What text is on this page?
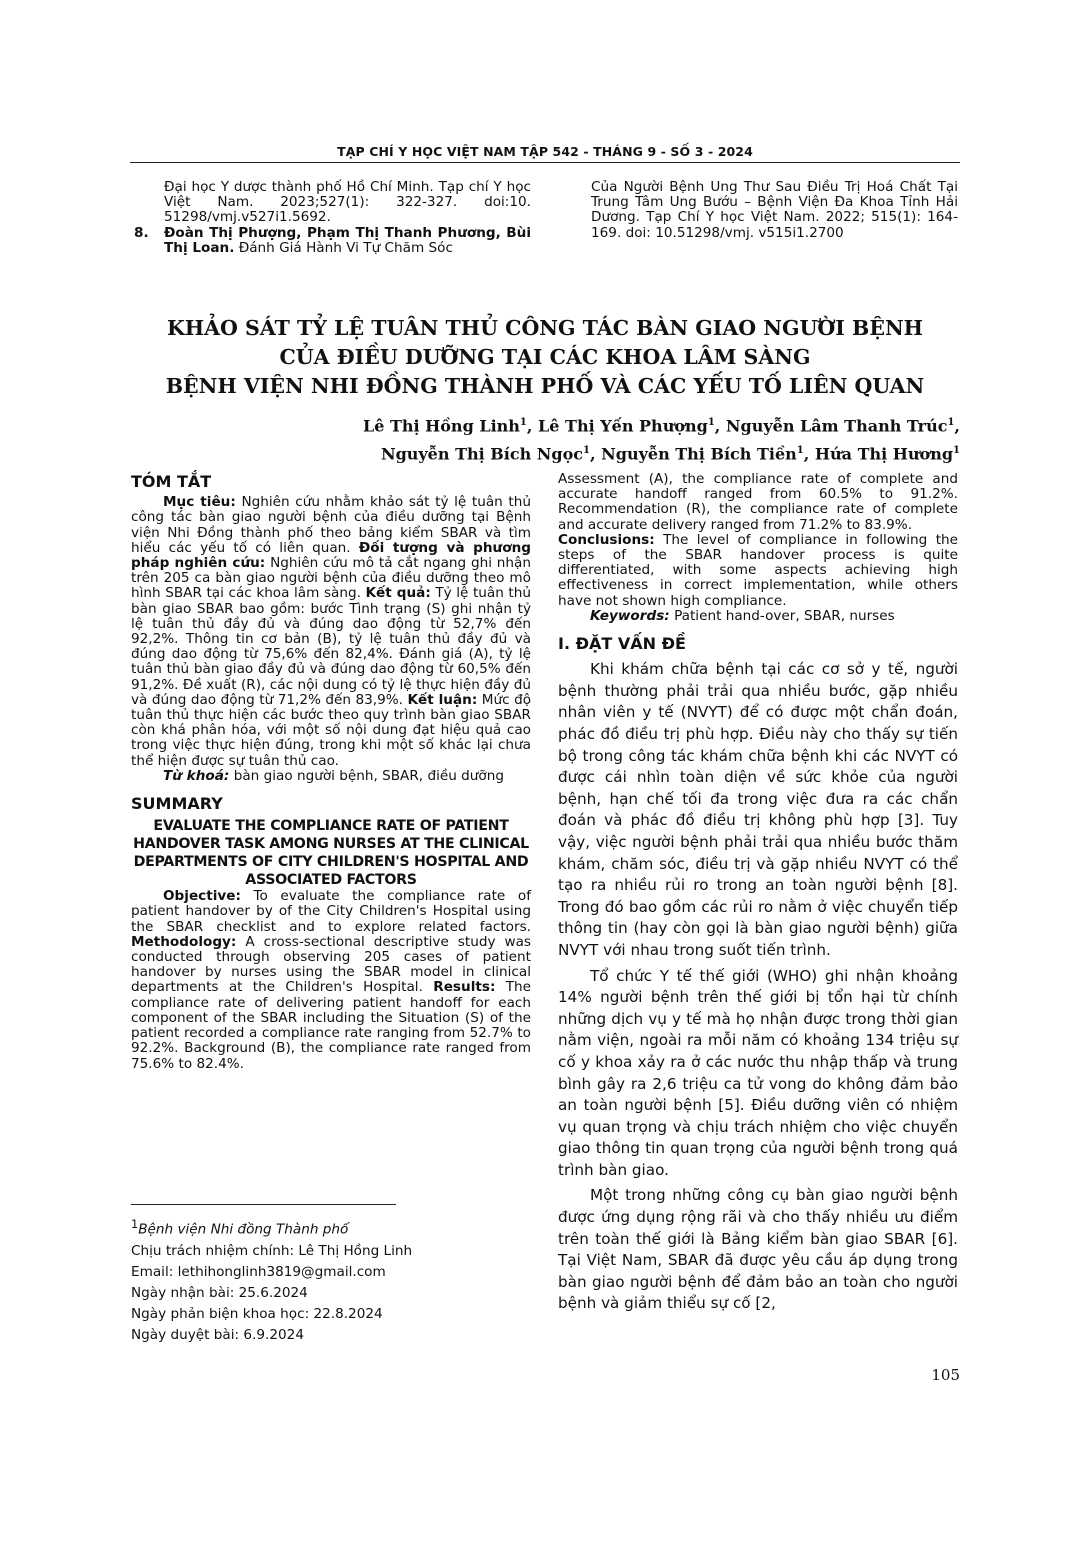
TẠP CHÍ Y HỌC VIỆT NAM TẬP 542 - THÁNG 9 - SỐ 3 - 2024
Đại học Y dược thành phố Hồ Chí Minh. Tạp chí Y học Việt Nam. 2023;527(1): 322-327. doi:10. 51298/vmj.v527i1.5692.
8. Đoàn Thị Phượng, Phạm Thị Thanh Phương, Bùi Thị Loan. Đánh Giá Hành Vi Tự Chăm Sóc
Của Người Bệnh Ung Thư Sau Điều Trị Hoá Chất Tại Trung Tâm Ung Bướu – Bệnh Viện Đa Khoa Tỉnh Hải Dương. Tạp Chí Y học Việt Nam. 2022; 515(1): 164-169. doi: 10.51298/vmj. v515i1.2700
KHẢO SÁT TỶ LỆ TUÂN THỦ CÔNG TÁC BÀN GIAO NGƯỜI BỆNH
CỦA ĐIỀU DƯỠNG TẠI CÁC KHOA LÂM SÀNG
BỆNH VIỆN NHI ĐỒNG THÀNH PHỐ VÀ CÁC YẾU TỐ LIÊN QUAN
Lê Thị Hồng Linh$^1$, Lê Thị Yến Phượng$^1$, Nguyễn Lâm Thanh Trúc$^1$,
Nguyễn Thị Bích Ngọc$^1$, Nguyễn Thị Bích Tiền$^1$, Hứa Thị Hương$^1$
TÓM TẮT

Mục tiêu: Nghiên cứu nhằm khảo sát tỷ lệ tuân thủ công tác bàn giao người bệnh của điều dưỡng tại Bệnh viện Nhi Đồng thành phố theo bảng kiểm SBAR và tìm hiểu các yếu tố có liên quan. Đối tượng và phương pháp nghiên cứu: Nghiên cứu mô tả cắt ngang ghi nhận trên 205 ca bàn giao người bệnh của điều dưỡng theo mô hình SBAR tại các khoa lâm sàng. Kết quả: Tỷ lệ tuân thủ bàn giao SBAR bao gồm: bước Tình trạng (S) ghi nhận tỷ lệ tuân thủ đầy đủ và đúng dao động từ 52,7% đến 92,2%. Thông tin cơ bản (B), tỷ lệ tuân thủ đầy đủ và đúng dao động từ 75,6% đến 82,4%. Đánh giá (A), tỷ lệ tuân thủ bàn giao đầy đủ và đúng dao động từ 60,5% đến 91,2%. Đề xuất (R), các nội dung có tỷ lệ thực hiện đầy đủ và đúng dao động từ 71,2% đến 83,9%. Kết luận: Mức độ tuân thủ thực hiện các bước theo quy trình bàn giao SBAR còn khá phân hóa, với một số nội dung đạt hiệu quả cao trong việc thực hiện đúng, trong khi một số khác lại chưa thể hiện được sự tuân thủ cao.

Từ khoá: bàn giao người bệnh, SBAR, điều dưỡng

SUMMARY
EVALUATE THE COMPLIANCE RATE OF PATIENT HANDOVER TASK AMONG NURSES AT THE CLINICAL DEPARTMENTS OF CITY CHILDREN'S HOSPITAL AND ASSOCIATED FACTORS

Objective: To evaluate the compliance rate of patient handover by of the City Children's Hospital using the SBAR checklist and to explore related factors. Methodology: A cross-sectional descriptive study was conducted through observing 205 cases of patient handover by nurses using the SBAR model in clinical departments at the Children's Hospital. Results: The compliance rate of delivering patient handoff for each component of the SBAR including the Situation (S) of the patient recorded a compliance rate ranging from 52.7% to 92.2%. Background (B), the compliance rate ranged from 75.6% to 82.4%.

$^1$Bệnh viện Nhi đồng Thành phố
Chịu trách nhiệm chính: Lê Thị Hồng Linh
Email: lethihonglinh3819@gmail.com
Ngày nhận bài: 25.6.2024
Ngày phản biện khoa học: 22.8.2024
Ngày duyệt bài: 6.9.2024

Assessment (A), the compliance rate of complete and accurate handoff ranged from 60.5% to 91.2%. Recommendation (R), the compliance rate of complete and accurate delivery ranged from 71.2% to 83.9%.

Conclusions: The level of compliance in following the steps of the SBAR handover process is quite differentiated, with some aspects achieving high effectiveness in correct implementation, while others have not shown high compliance.

Keywords: Patient hand-over, SBAR, nurses

I. ĐẶT VẤN ĐỀ

Khi khám chữa bệnh tại các cơ sở y tế, người bệnh thường phải trải qua nhiều bước, gặp nhiều nhân viên y tế (NVYT) để có được một chẩn đoán, phác đồ điều trị phù hợp. Điều này cho thấy sự tiến bộ trong công tác khám chữa bệnh khi các NVYT có được cái nhìn toàn diện về sức khỏe của người bệnh, hạn chế tối đa trong việc đưa ra các chẩn đoán và phác đồ điều trị không phù hợp [3]. Tuy vậy, việc người bệnh phải trải qua nhiều bước thăm khám, chăm sóc, điều trị và gặp nhiều NVYT có thể tạo ra nhiều rủi ro trong an toàn người bệnh [8]. Trong đó bao gồm các rủi ro nằm ở việc chuyển tiếp thông tin (hay còn gọi là bàn giao người bệnh) giữa NVYT với nhau trong suốt tiến trình.

Tổ chức Y tế thế giới (WHO) ghi nhận khoảng 14% người bệnh trên thế giới bị tổn hại từ chính những dịch vụ y tế mà họ nhận được trong thời gian nằm viện, ngoài ra mỗi năm có khoảng 134 triệu sự cố y khoa xảy ra ở các nước thu nhập thấp và trung bình gây ra 2,6 triệu ca tử vong do không đảm bảo an toàn người bệnh [5]. Điều dưỡng viên có nhiệm vụ quan trọng và chịu trách nhiệm cho việc chuyển giao thông tin quan trọng của người bệnh trong quá trình bàn giao.

Một trong những công cụ bàn giao người bệnh được ứng dụng rộng rãi và cho thấy nhiều ưu điểm trên toàn thế giới là Bảng kiểm bàn giao SBAR [6]. Tại Việt Nam, SBAR đã được yêu cầu áp dụng trong bàn giao người bệnh để đảm bảo an toàn cho người bệnh và giảm thiểu sự cố [2,

105
